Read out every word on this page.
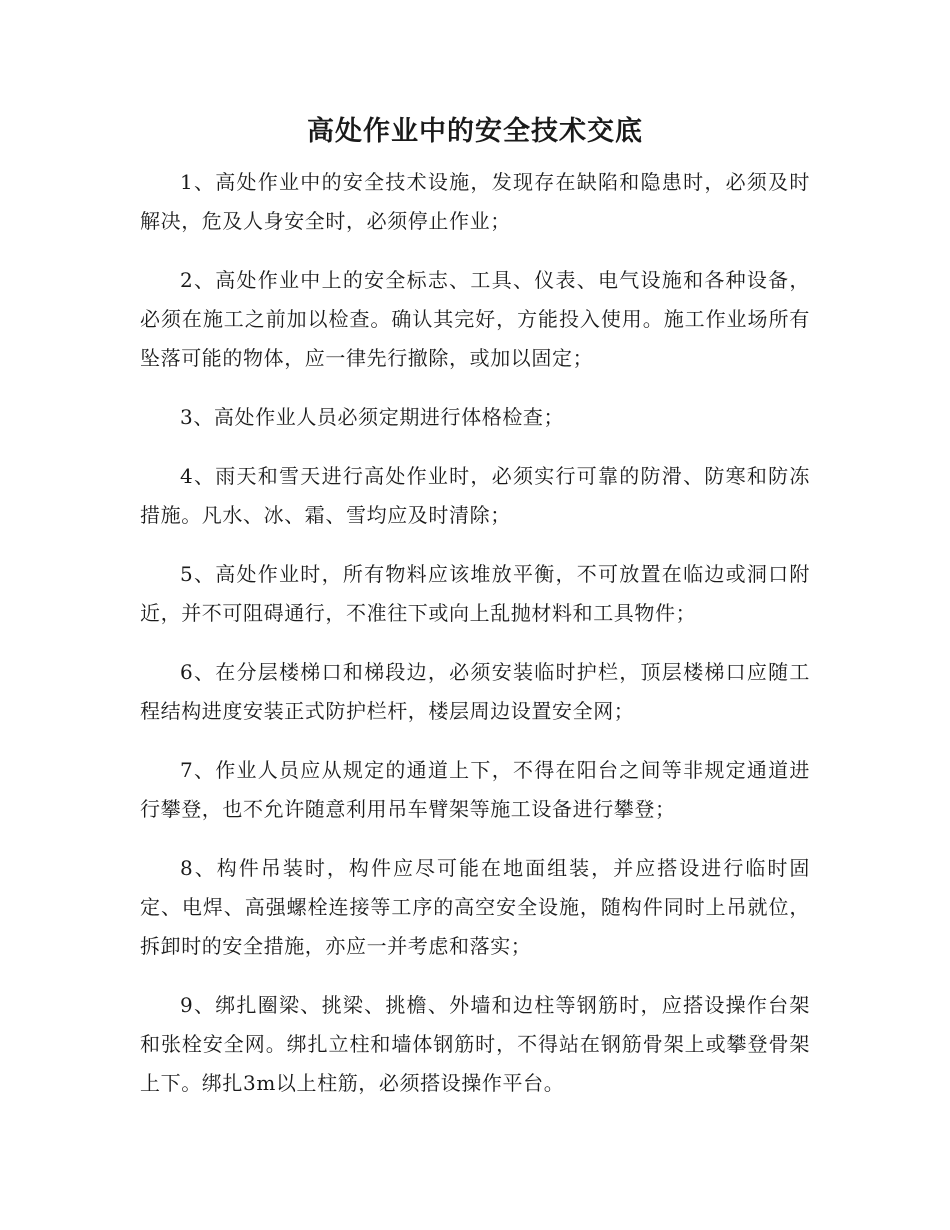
高处作业中的安全技术交底

1、高处作业中的安全技术设施，发现存在缺陷和隐患时，必须及时解决，危及人身安全时，必须停止作业；

2、高处作业中上的安全标志、工具、仪表、电气设施和各种设备，必须在施工之前加以检查。确认其完好，方能投入使用。施工作业场所有坠落可能的物体，应一律先行撤除，或加以固定；

3、高处作业人员必须定期进行体格检查；

4、雨天和雪天进行高处作业时，必须实行可靠的防滑、防寒和防冻措施。凡水、冰、霜、雪均应及时清除；

5、高处作业时，所有物料应该堆放平衡，不可放置在临边或洞口附近，并不可阻碍通行，不准往下或向上乱抛材料和工具物件；

6、在分层楼梯口和梯段边，必须安装临时护栏，顶层楼梯口应随工程结构进度安装正式防护栏杆，楼层周边设置安全网；

7、作业人员应从规定的通道上下，不得在阳台之间等非规定通道进行攀登，也不允许随意利用吊车臂架等施工设备进行攀登；

8、构件吊装时，构件应尽可能在地面组装，并应搭设进行临时固定、电焊、高强螺栓连接等工序的高空安全设施，随构件同时上吊就位，拆卸时的安全措施，亦应一并考虑和落实；

9、绑扎圈梁、挑梁、挑檐、外墙和边柱等钢筋时，应搭设操作台架和张栓安全网。绑扎立柱和墙体钢筋时，不得站在钢筋骨架上或攀登骨架上下。绑扎3m以上柱筋，必须搭设操作平台。
